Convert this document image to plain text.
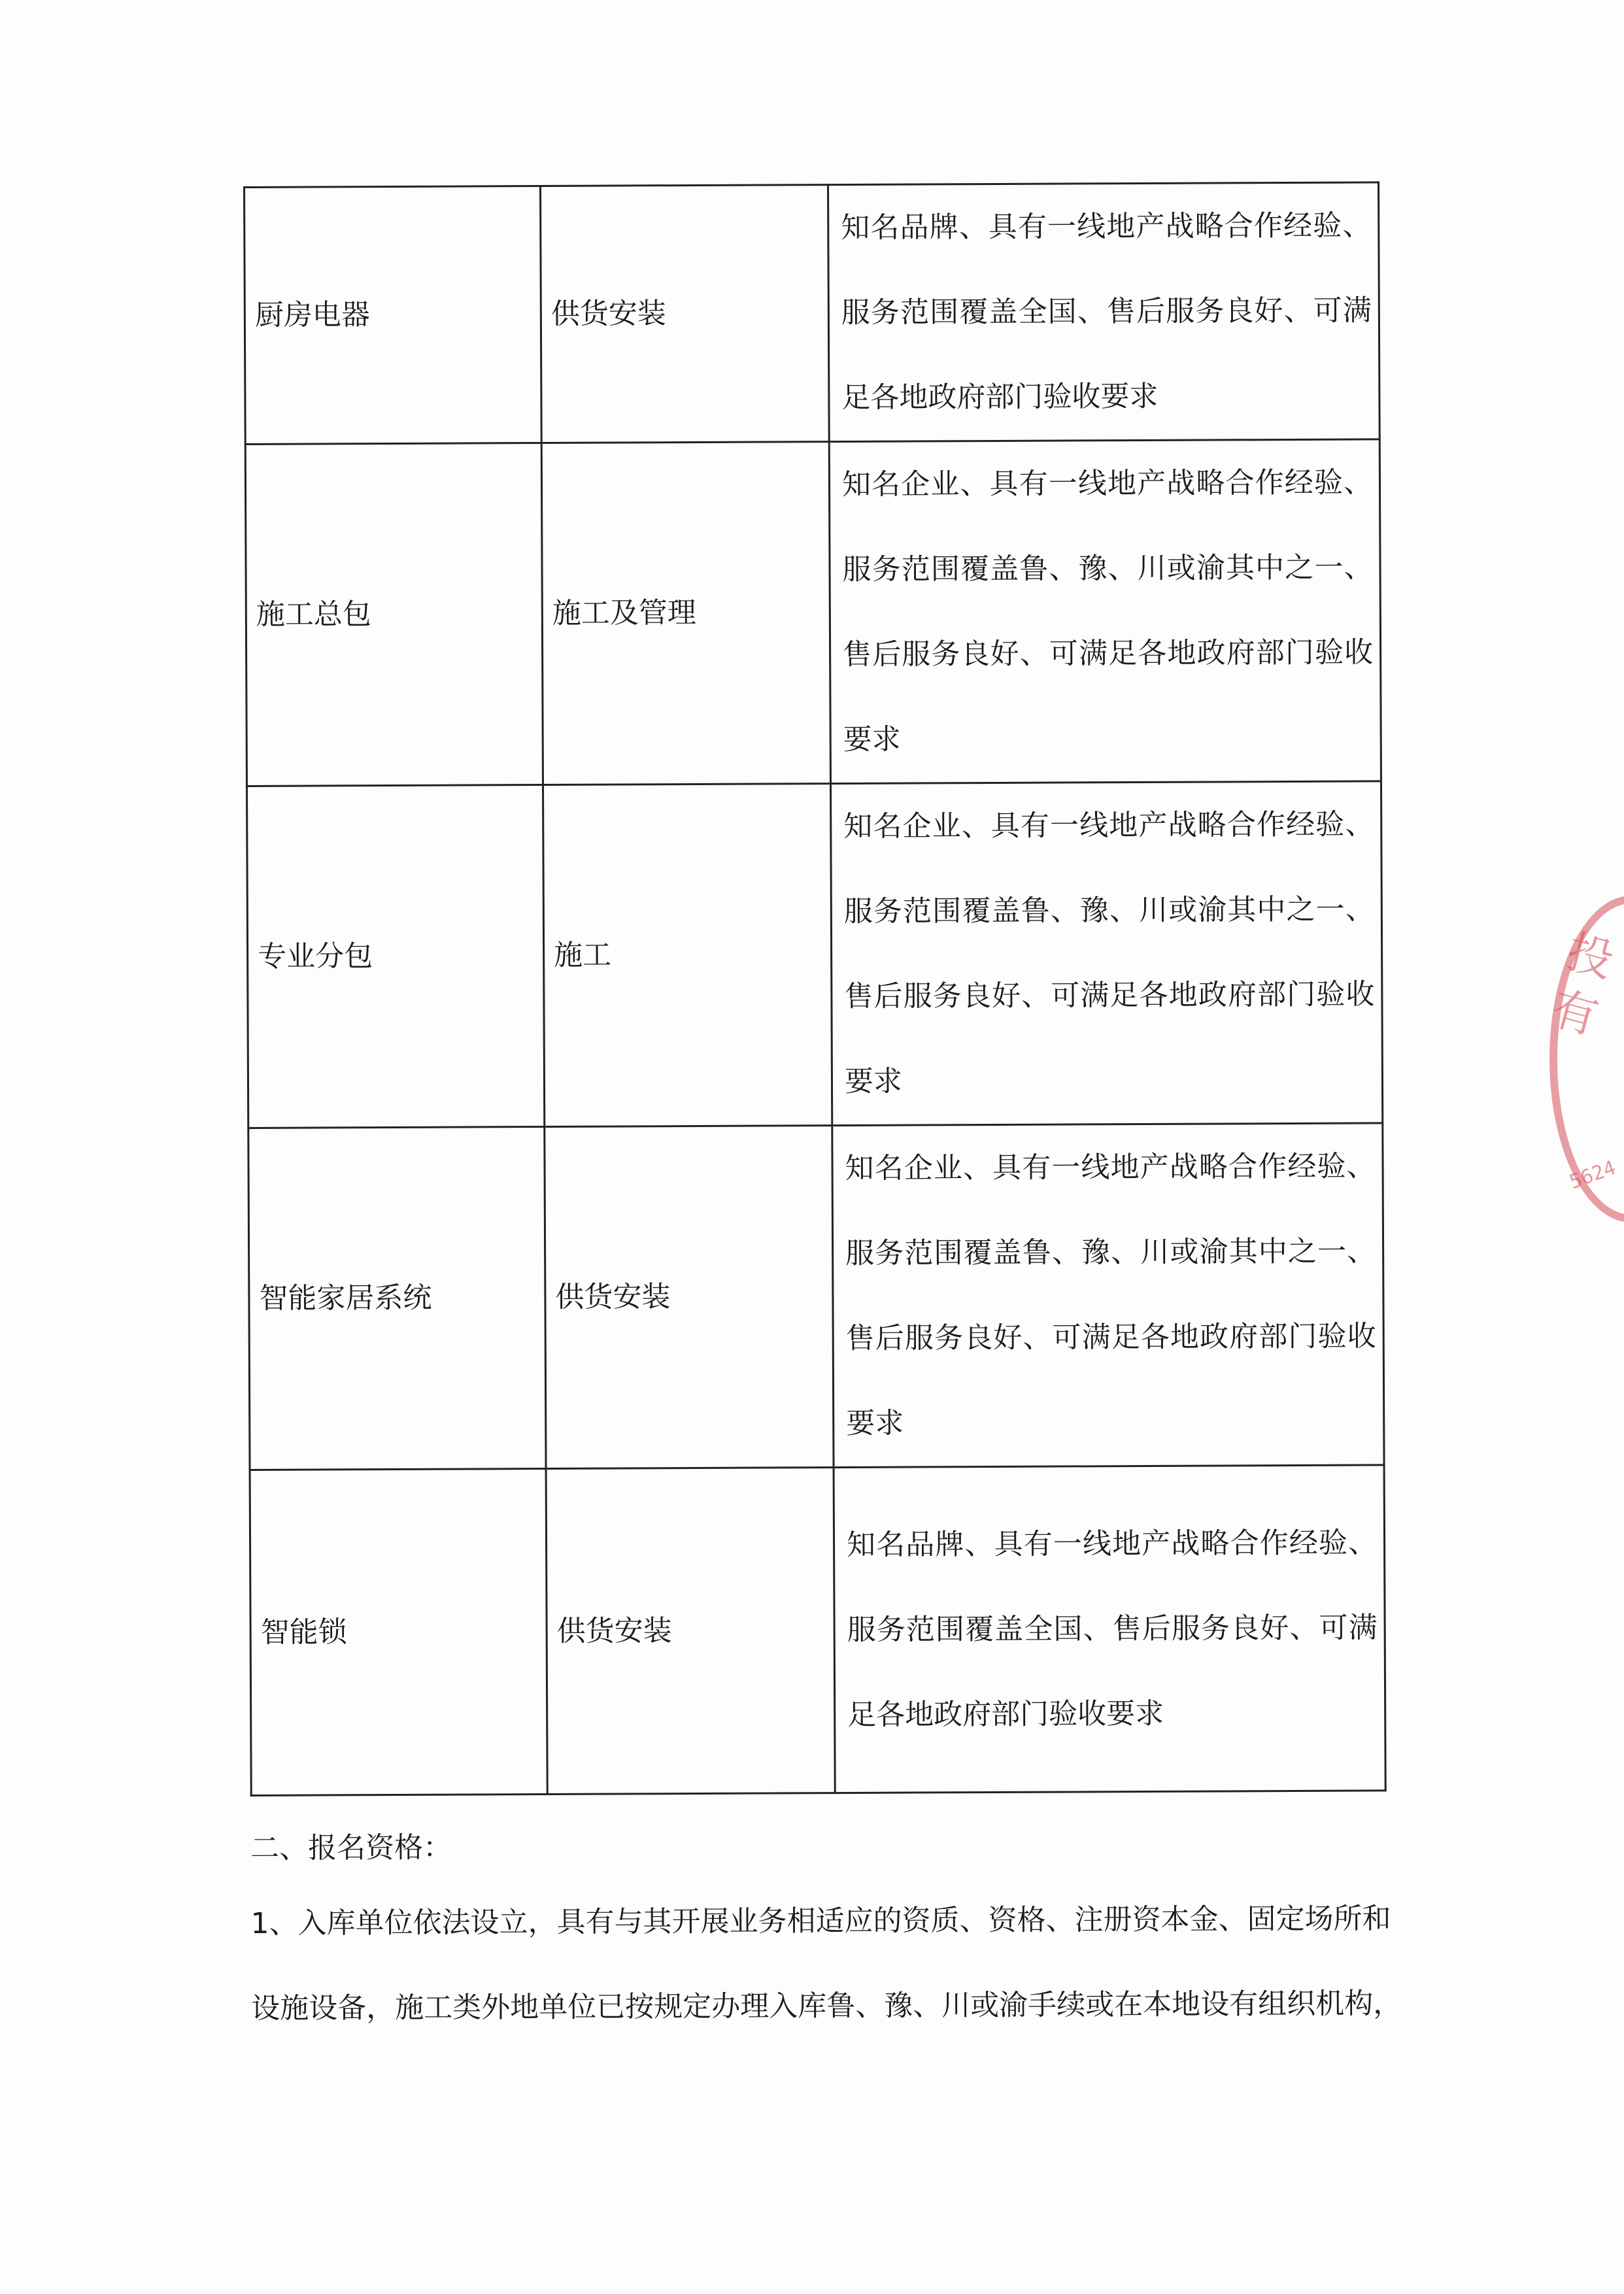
厨房电器	供货安装	知名品牌、具有一线地产战略合作经验、服务范围覆盖全国、售后服务良好、可满足各地政府部门验收要求

施工总包	施工及管理	知名企业、具有一线地产战略合作经验、服务范围覆盖鲁、豫、川或渝其中之一、售后服务良好、可满足各地政府部门验收要求

专业分包	施工	知名企业、具有一线地产战略合作经验、服务范围覆盖鲁、豫、川或渝其中之一、售后服务良好、可满足各地政府部门验收要求

智能家居系统	供货安装	知名企业、具有一线地产战略合作经验、服务范围覆盖鲁、豫、川或渝其中之一、售后服务良好、可满足各地政府部门验收要求

智能锁	供货安装	知名品牌、具有一线地产战略合作经验、服务范围覆盖全国、售后服务良好、可满足各地政府部门验收要求
二、报名资格：
1、入库单位依法设立，具有与其开展业务相适应的资质、资格、注册资本金、固定场所和
设施设备，施工类外地单位已按规定办理入库鲁、豫、川或渝手续或在本地设有组织机构，
投有
5624
